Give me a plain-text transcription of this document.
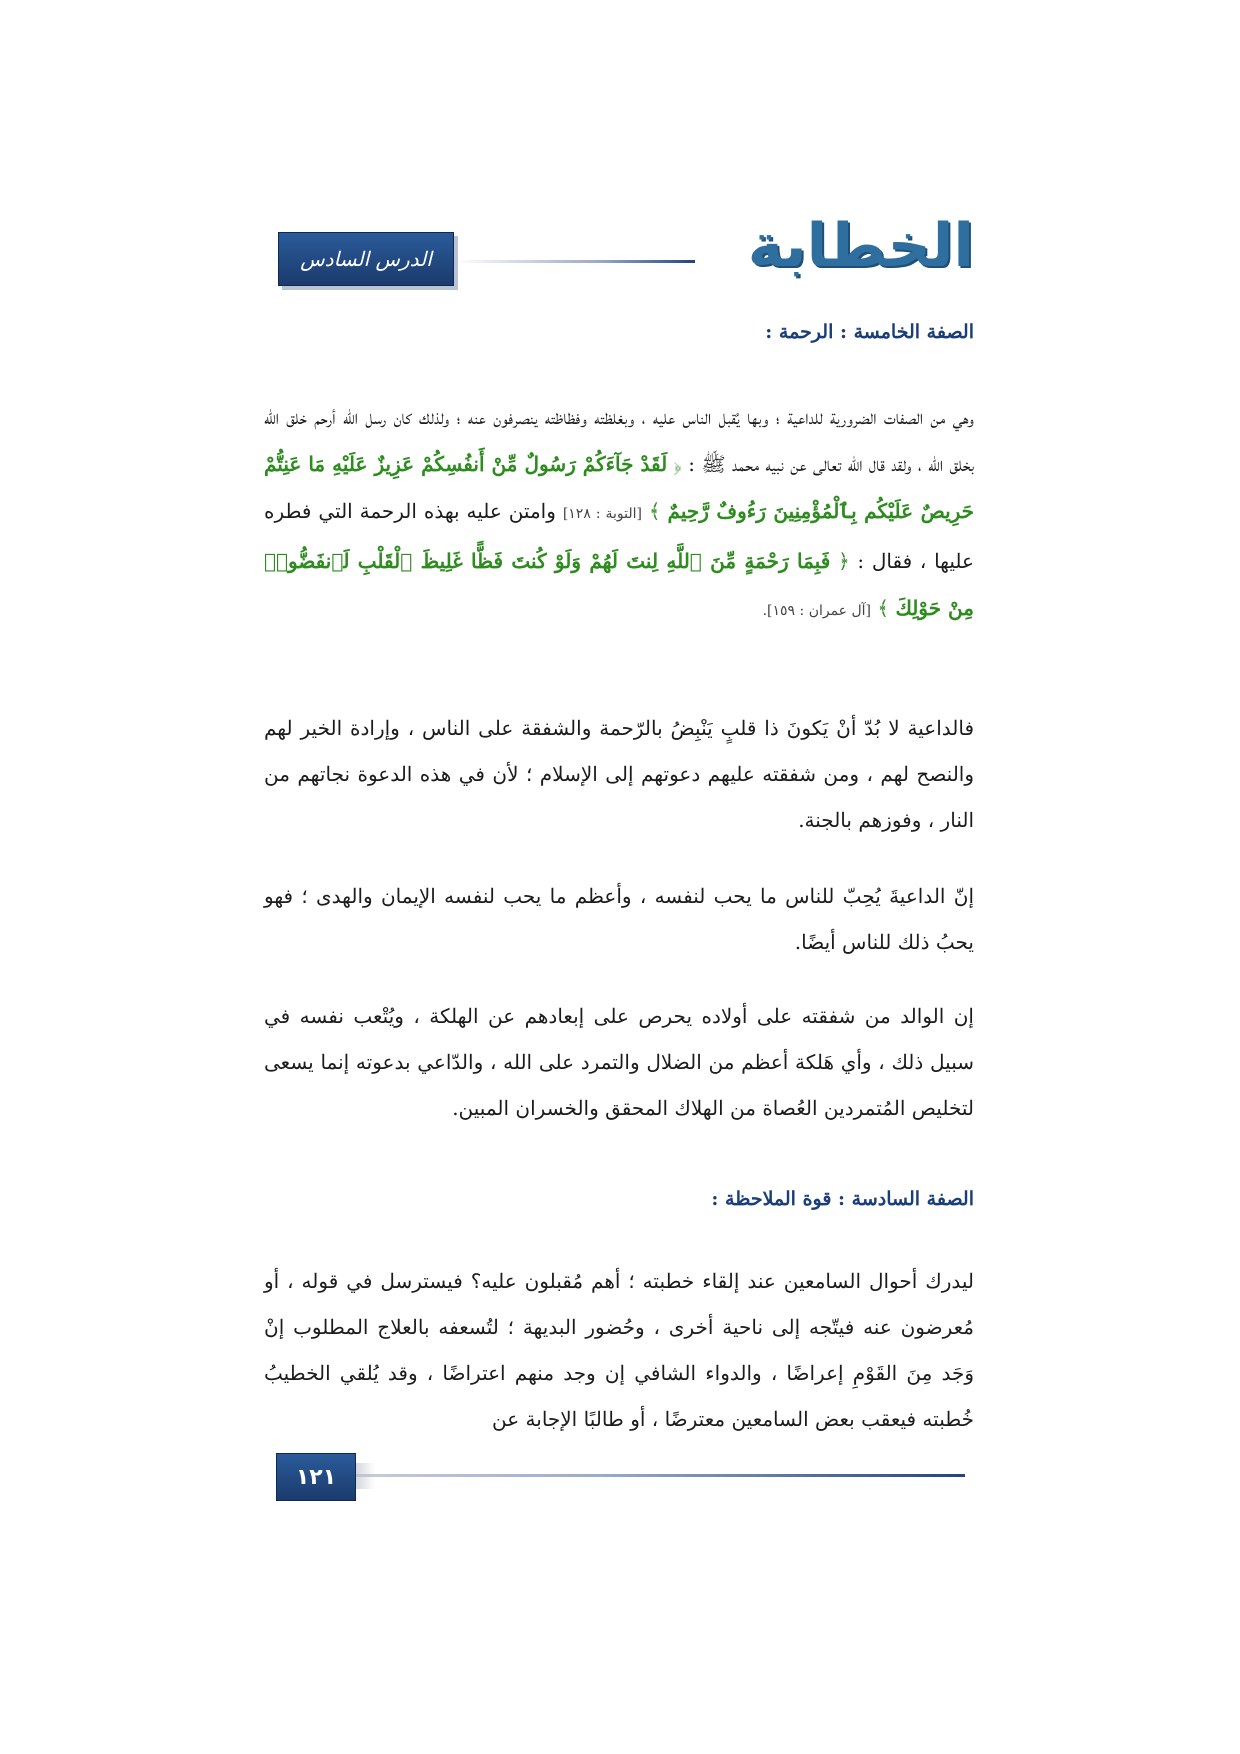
الخطابة
الدرس السادس
الصفة الخامسة : الرحمة :
وهي من الصفات الضرورية للداعية ؛ وبها يُقبل الناس عليه ، وبغلظته وفظاظته ينصرفون عنه ؛ ولذلك كان رسل الله أرحم خلق الله بخلق الله ، ولقد قال الله تعالى عن نبيه محمد ﷺ : ﴿ لَقَدْ جَآءَكُمْ رَسُولٌ مِّنْ أَنفُسِكُمْ عَزِيزٌ عَلَيْهِ مَا عَنِتُّمْ حَرِيصٌ عَلَيْكُم بِٱلْمُؤْمِنِينَ رَءُوفٌ رَّحِيمٌ ﴾ [التوبة : ١٢٨] وامتن عليه بهذه الرحمة التي فطره عليها ، فقال : ﴿ فَبِمَا رَحْمَةٍ مِّنَ ٱللَّهِ لِنتَ لَهُمْ وَلَوْ كُنتَ فَظًّا غَلِيظَ ٱلْقَلْبِ لَٱنفَضُّوا۟ مِنْ حَوْلِكَ ﴾ [آل عمران : ١٥٩].
فالداعية لا بُدّ أنْ يَكونَ ذا قلبٍ يَنْبِضُ بالرّحمة والشفقة على الناس ، وإرادة الخير لهم والنصح لهم ، ومن شفقته عليهم دعوتهم إلى الإسلام ؛ لأن في هذه الدعوة نجاتهم من النار ، وفوزهم بالجنة.
إنّ الداعيةَ يُحِبّ للناس ما يحب لنفسه ، وأعظم ما يحب لنفسه الإيمان والهدى ؛ فهو يحبُ ذلك للناس أيضًا.
إن الوالد من شفقته على أولاده يحرص على إبعادهم عن الهلكة ، ويُتْعب نفسه في سبيل ذلك ، وأي هَلكة أعظم من الضلال والتمرد على الله ، والدّاعي بدعوته إنما يسعى لتخليص المُتمردين العُصاة من الهلاك المحقق والخسران المبين.
الصفة السادسة : قوة الملاحظة :
ليدرك أحوال السامعين عند إلقاء خطبته ؛ أهم مُقبلون عليه؟ فيسترسل في قوله ، أو مُعرضون عنه فيتّجه إلى ناحية أخرى ، وحُضور البديهة ؛ لتُسعفه بالعلاج المطلوب إنْ وَجَد مِنَ القَوْمِ إعراضًا ، والدواء الشافي إن وجد منهم اعتراضًا ، وقد يُلقي الخطيبُ خُطبته فيعقب بعض السامعين معترضًا ، أو طالبًا الإجابة عن
١٢١
